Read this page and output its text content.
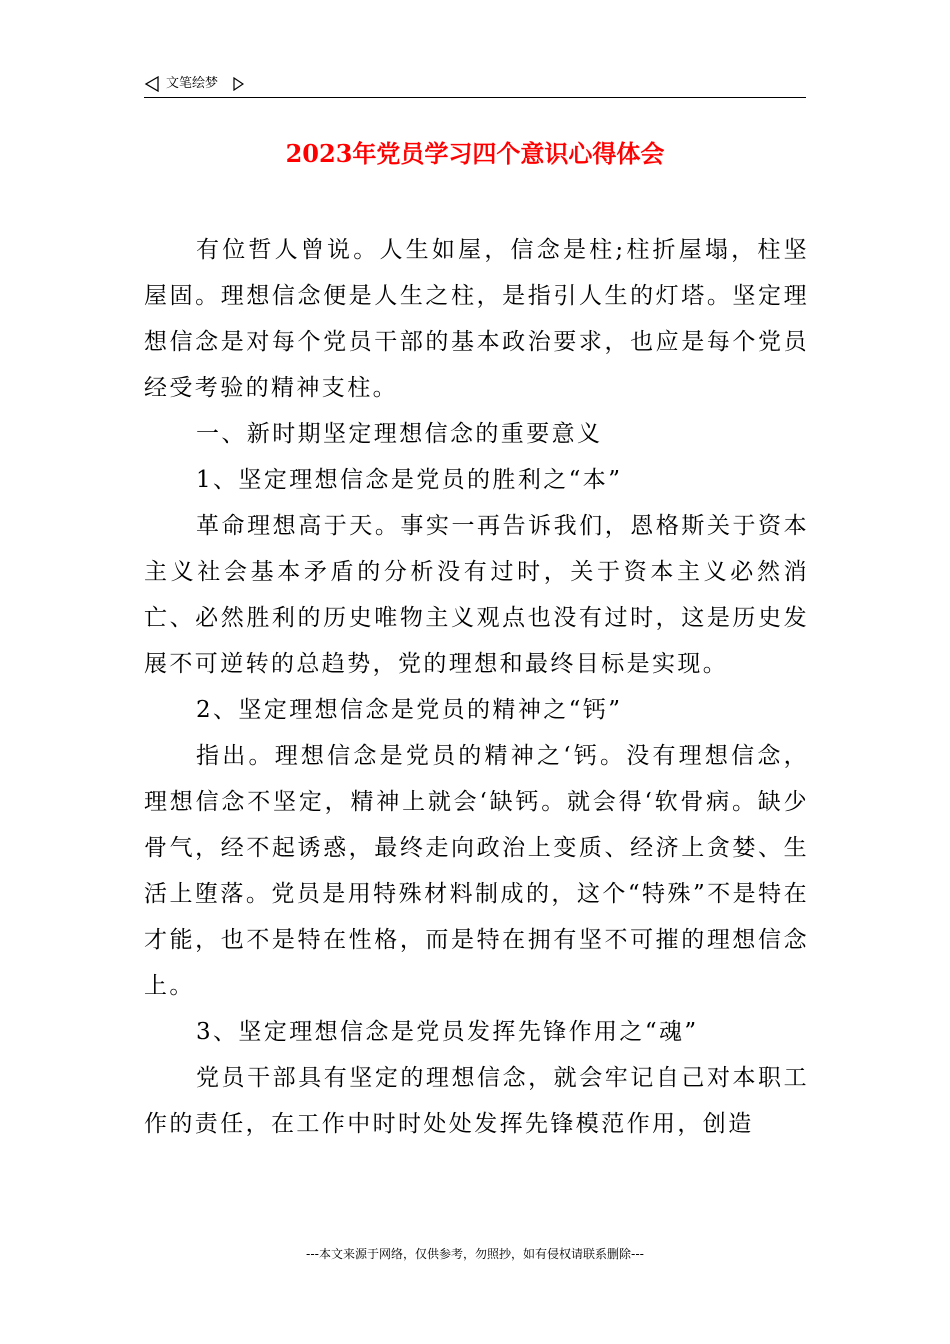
文笔绘梦
2023年党员学习四个意识心得体会

有位哲人曾说。人生如屋，信念是柱;柱折屋塌，柱坚屋固。理想信念便是人生之柱，是指引人生的灯塔。坚定理想信念是对每个党员干部的基本政治要求，也应是每个党员经受考验的精神支柱。

一、新时期坚定理想信念的重要意义

1、坚定理想信念是党员的胜利之“本”

革命理想高于天。事实一再告诉我们，恩格斯关于资本主义社会基本矛盾的分析没有过时，关于资本主义必然消亡、必然胜利的历史唯物主义观点也没有过时，这是历史发展不可逆转的总趋势，党的理想和最终目标是实现。

2、坚定理想信念是党员的精神之“钙”

指出。理想信念是党员的精神之‘钙。没有理想信念，理想信念不坚定，精神上就会‘缺钙。就会得‘软骨病。缺少骨气，经不起诱惑，最终走向政治上变质、经济上贪婪、生活上堕落。党员是用特殊材料制成的，这个“特殊”不是特在才能，也不是特在性格，而是特在拥有坚不可摧的理想信念上。

3、坚定理想信念是党员发挥先锋作用之“魂”

党员干部具有坚定的理想信念，就会牢记自己对本职工作的责任，在工作中时时处处发挥先锋模范作用，创造

---本文来源于网络，仅供参考，勿照抄，如有侵权请联系删除---
